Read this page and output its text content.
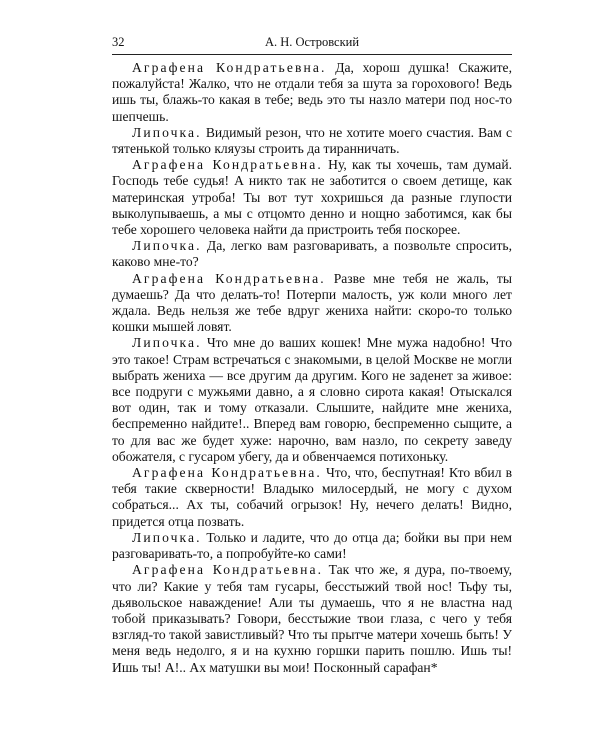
32	А. Н. Островский

Аграфена Кондратьевна. Да, хорош душка! Скажите, пожалуйста! Жалко, что не отдали тебя за шута за горохового! Ведь ишь ты, блажь-то какая в тебе; ведь это ты назло матери под нос-то шепчешь.

Липочка. Видимый резон, что не хотите моего счастия. Вам с тятенькой только кляузы строить да тиранничать.

Аграфена Кондратьевна. Ну, как ты хочешь, там думай. Господь тебе судья! А никто так не заботится о своем детище, как материнская утроба! Ты вот тут хохришься да разные глупости выколупываешь, а мы с отцомто денно и нощно заботимся, как бы тебе хорошего человека найти да пристроить тебя поскорее.

Липочка. Да, легко вам разговаривать, а позвольте спросить, каково мне-то?

Аграфена Кондратьевна. Разве мне тебя не жаль, ты думаешь? Да что делать-то! Потерпи малость, уж коли много лет ждала. Ведь нельзя же тебе вдруг жениха найти: скоро-то только кошки мышей ловят.

Липочка. Что мне до ваших кошек! Мне мужа надобно! Что это такое! Страм встречаться с знакомыми, в целой Москве не могли выбрать жениха — все другим да другим. Кого не заденет за живое: все подруги с мужьями давно, а я словно сирота какая! Отыскался вот один, так и тому отказали. Слышите, найдите мне жениха, беспременно найдите!.. Вперед вам говорю, беспременно сыщите, а то для вас же будет хуже: нарочно, вам назло, по секрету заведу обожателя, с гусаром убегу, да и обвенчаемся потихоньку.

Аграфена Кондратьевна. Что, что, беспутная! Кто вбил в тебя такие скверности! Владыко милосердый, не могу с духом собраться... Ах ты, собачий огрызок! Ну, нечего делать! Видно, придется отца позвать.

Липочка. Только и ладите, что до отца да; бойки вы при нем разговаривать-то, а попробуйте-ко сами!

Аграфена Кондратьевна. Так что же, я дура, по-твоему, что ли? Какие у тебя там гусары, бесстыжий твой нос! Тьфу ты, дьявольское наваждение! Али ты думаешь, что я не властна над тобой приказывать? Говори, бесстыжие твои глаза, с чего у тебя взгляд-то такой завистливый? Что ты прытче матери хочешь быть! У меня ведь недолго, я и на кухню горшки парить пошлю. Ишь ты! Ишь ты! А!.. Ах матушки вы мои! Посконный сарафан*
